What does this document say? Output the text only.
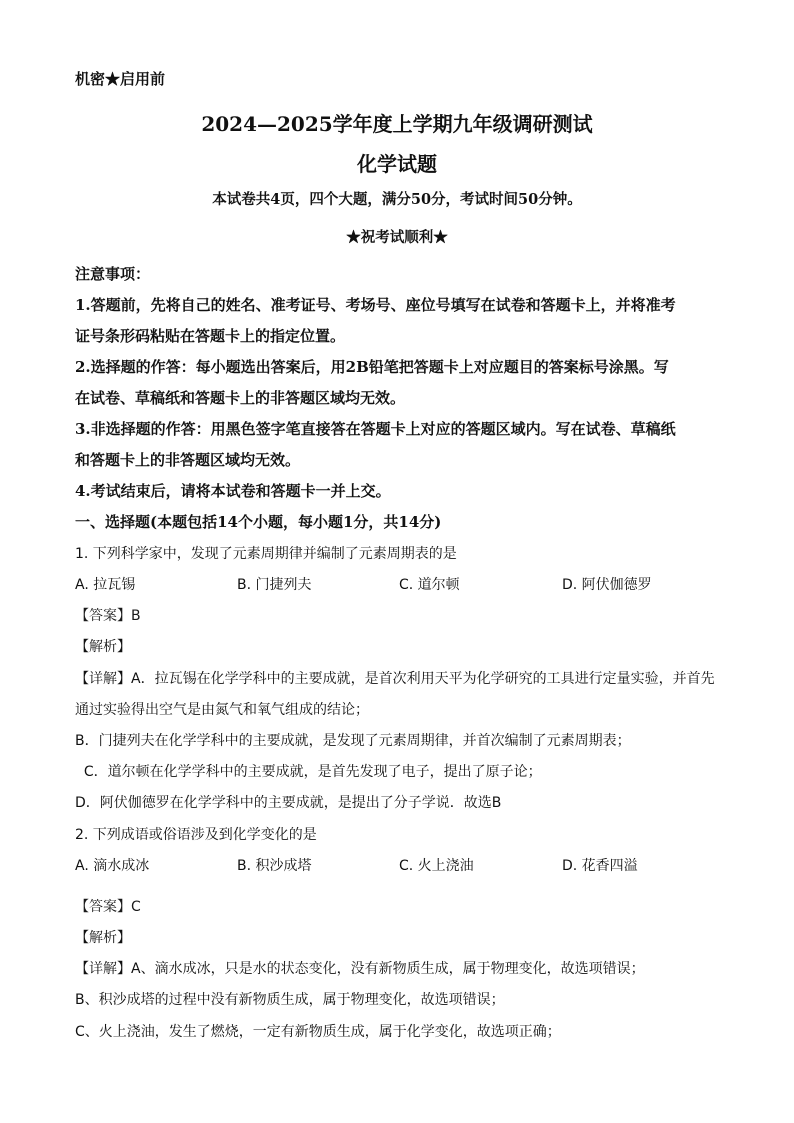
机密★启用前
2024—2025学年度上学期九年级调研测试
化学试题
本试卷共4页，四个大题，满分50分，考试时间50分钟。
★祝考试顺利★
注意事项：
1.答题前，先将自己的姓名、准考证号、考场号、座位号填写在试卷和答题卡上，并将准考
证号条形码粘贴在答题卡上的指定位置。
2.选择题的作答：每小题选出答案后，用2B铅笔把答题卡上对应题目的答案标号涂黑。写
在试卷、草稿纸和答题卡上的非答题区域均无效。
3.非选择题的作答：用黑色签字笔直接答在答题卡上对应的答题区域内。写在试卷、草稿纸
和答题卡上的非答题区域均无效。
4.考试结束后，请将本试卷和答题卡一并上交。
一、选择题(本题包括14个小题，每小题1分，共14分)
1. 下列科学家中，发现了元素周期律并编制了元素周期表的是
A. 拉瓦锡	B. 门捷列夫	C. 道尔顿	D. 阿伏伽德罗
【答案】B
【解析】
【详解】A．拉瓦锡在化学学科中的主要成就，是首次利用天平为化学研究的工具进行定量实验，并首先
通过实验得出空气是由氮气和氧气组成的结论；
B．门捷列夫在化学学科中的主要成就，是发现了元素周期律，并首次编制了元素周期表；
C．道尔顿在化学学科中的主要成就，是首先发现了电子，提出了原子论；
D．阿伏伽德罗在化学学科中的主要成就，是提出了分子学说．故选B
2. 下列成语或俗语涉及到化学变化的是
A. 滴水成冰	B. 积沙成塔	C. 火上浇油	D. 花香四溢
【答案】C
【解析】
【详解】A、滴水成冰，只是水的状态变化，没有新物质生成，属于物理变化，故选项错误；
B、积沙成塔的过程中没有新物质生成，属于物理变化，故选项错误；
C、火上浇油，发生了燃烧，一定有新物质生成，属于化学变化，故选项正确；
